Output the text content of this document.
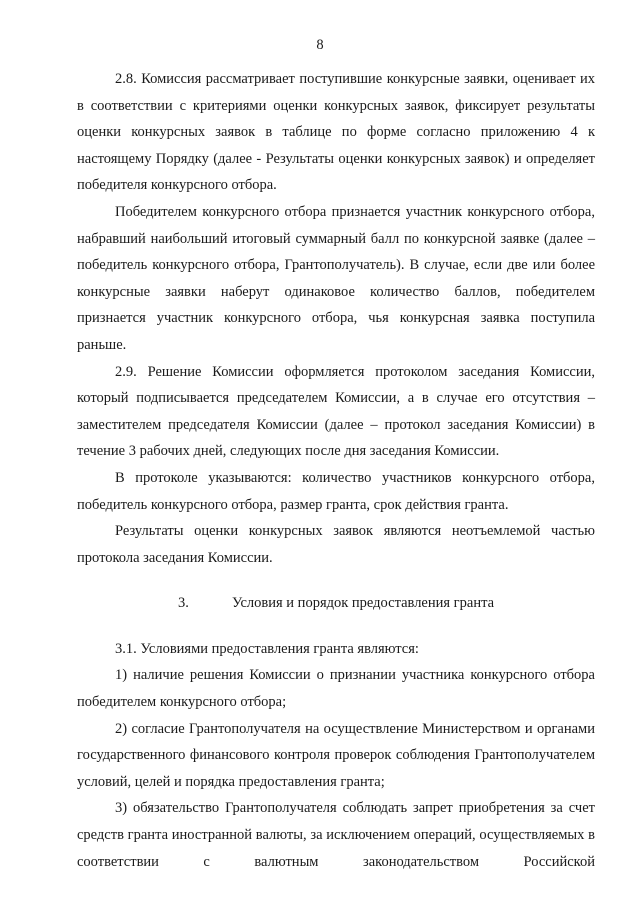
8

2.8. Комиссия рассматривает поступившие конкурсные заявки, оценивает их в соответствии с критериями оценки конкурсных заявок, фиксирует результаты оценки конкурсных заявок в таблице по форме согласно приложению 4 к настоящему Порядку (далее - Результаты оценки конкурсных заявок) и определяет победителя конкурсного отбора.

Победителем конкурсного отбора признается участник конкурсного отбора, набравший наибольший итоговый суммарный балл по конкурсной заявке (далее – победитель конкурсного отбора, Грантополучатель). В случае, если две или более конкурсные заявки наберут одинаковое количество баллов, победителем признается участник конкурсного отбора, чья конкурсная заявка поступила раньше.

2.9. Решение Комиссии оформляется протоколом заседания Комиссии, который подписывается председателем Комиссии, а в случае его отсутствия – заместителем председателя Комиссии (далее – протокол заседания Комиссии) в течение 3 рабочих дней, следующих после дня заседания Комиссии.

В протоколе указываются: количество участников конкурсного отбора, победитель конкурсного отбора, размер гранта, срок действия гранта.

Результаты оценки конкурсных заявок являются неотъемлемой частью протокола заседания Комиссии.

3.	Условия и порядок предоставления гранта

3.1. Условиями предоставления гранта являются:

1) наличие решения Комиссии о признании участника конкурсного отбора победителем конкурсного отбора;

2) согласие Грантополучателя на осуществление Министерством и органами государственного финансового контроля проверок соблюдения Грантополучателем условий, целей и порядка предоставления гранта;

3) обязательство Грантополучателя соблюдать запрет приобретения за счет средств гранта иностранной валюты, за исключением операций, осуществляемых в соответствии с валютным законодательством Российской
